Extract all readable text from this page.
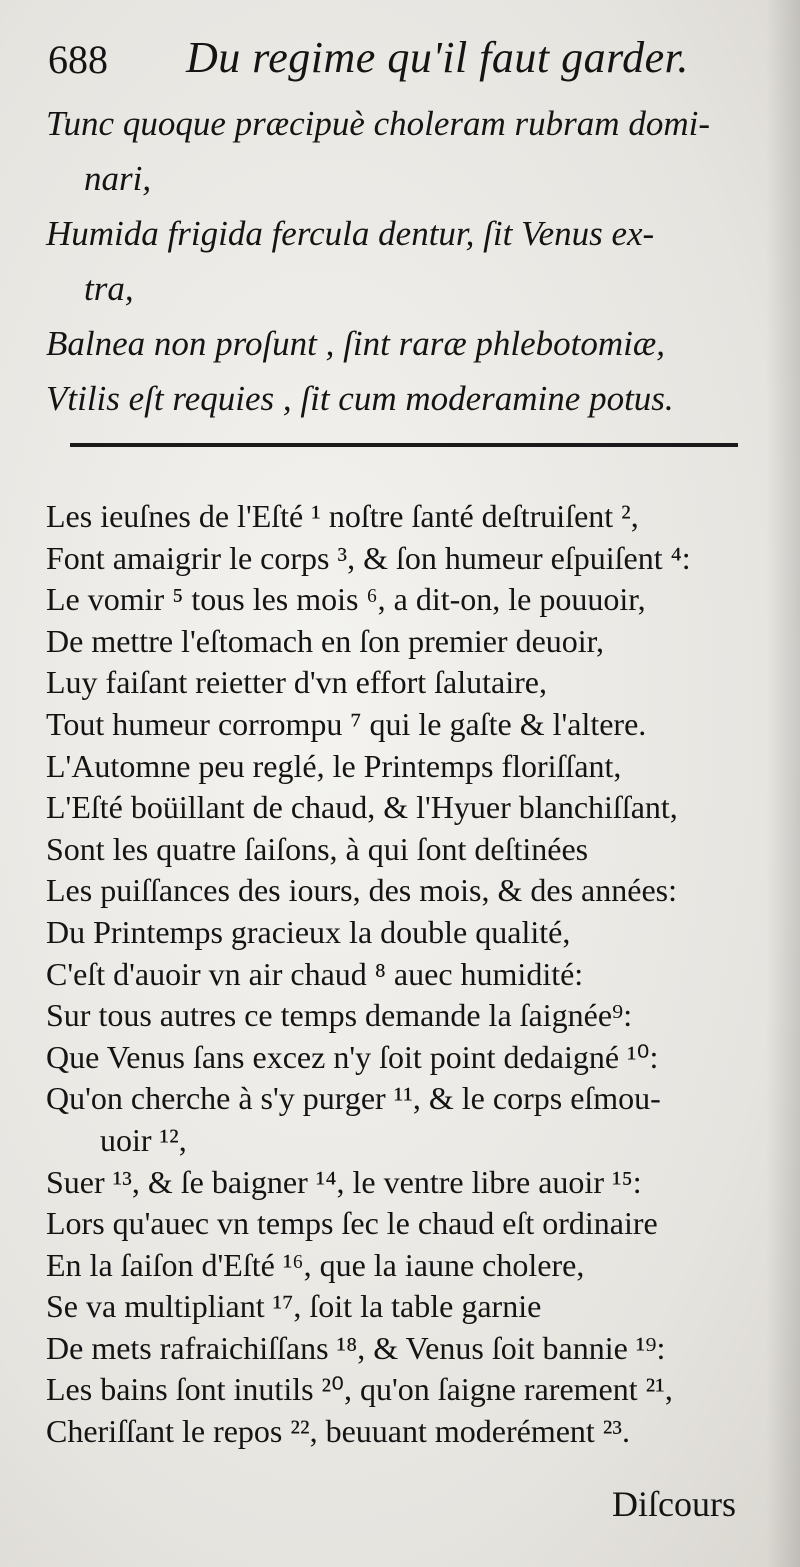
688 Du regime qu'il faut garder.
Tunc quoque præcipuè choleram rubram domi-
nari,
Humida frigida fercula dentur, ſit Venus ex-
tra,
Balnea non proſunt , ſint raræ phlebotomiæ,
Vtilis eſt requies , ſit cum moderamine potus.
Les ieuſnes de l'Eſté ¹ noſtre ſanté deſtruiſent ²,
Font amaigrir le corps ³, & ſon humeur eſpuiſent ⁴:
Le vomir ⁵ tous les mois ⁶, a dit-on, le pouuoir,
De mettre l'eſtomach en ſon premier deuoir,
Luy faiſant reietter d'vn effort ſalutaire,
Tout humeur corrompu ⁷ qui le gaſte & l'altere.
L'Automne peu reglé, le Printemps floriſſant,
L'Eſté boüillant de chaud, & l'Hyuer blanchiſſant,
Sont les quatre ſaiſons, à qui ſont deſtinées
Les puiſſances des iours, des mois, & des années:
Du Printemps gracieux la double qualité,
C'eſt d'auoir vn air chaud ⁸ auec humidité:
Sur tous autres ce temps demande la ſaignée⁹:
Que Venus ſans excez n'y ſoit point dedaigné ¹⁰:
Qu'on cherche à s'y purger ¹¹, & le corps eſmou-
uoir ¹²,
Suer ¹³, & ſe baigner ¹⁴, le ventre libre auoir ¹⁵:
Lors qu'auec vn temps ſec le chaud eſt ordinaire
En la ſaiſon d'Eſté ¹⁶, que la iaune cholere,
Se va multipliant ¹⁷, ſoit la table garnie
De mets rafraichiſſans ¹⁸, & Venus ſoit bannie ¹⁹:
Les bains ſont inutils ²⁰, qu'on ſaigne rarement ²¹,
Cheriſſant le repos ²², beuuant moderément ²³.
Diſcours
